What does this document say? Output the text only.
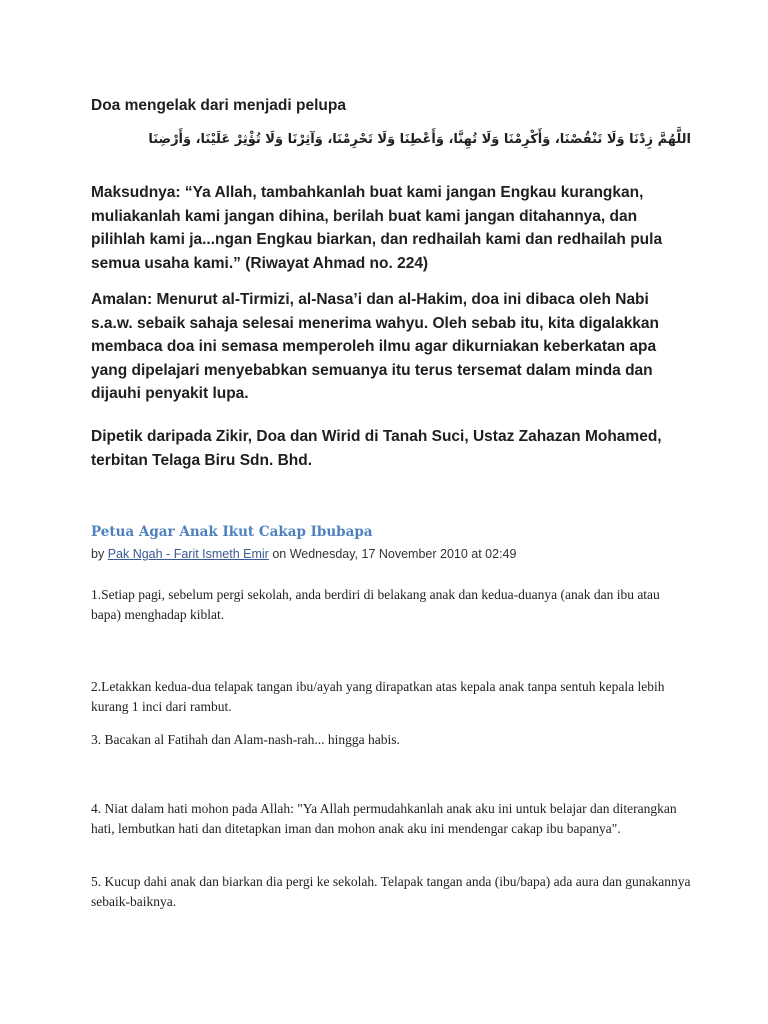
Doa mengelak dari menjadi pelupa
اللَّهُمَّ زِدْنَا وَلَا تَنْقُصْنَا، وَأَكْرِمْنَا وَلَا تُهِنَّا، وَأَعْطِنَا وَلَا تَحْرِمْنَا، وَآثِرْنَا وَلَا تُؤْثِرْ عَلَيْنَا، وَأَرْضِنَا

Maksudnya: “Ya Allah, tambahkanlah buat kami jangan Engkau kurangkan, muliakanlah kami jangan dihina, berilah buat kami jangan ditahannya, dan pilihlah kami ja...ngan Engkau biarkan, dan redhailah kami dan redhailah pula semua usaha kami.” (Riwayat Ahmad no. 224)

Amalan: Menurut al-Tirmizi, al-Nasa’i dan al-Hakim, doa ini dibaca oleh Nabi s.a.w. sebaik sahaja selesai menerima wahyu. Oleh sebab itu, kita digalakkan membaca doa ini semasa memperoleh ilmu agar dikurniakan keberkatan apa yang dipelajari menyebabkan semuanya itu terus tersemat dalam minda dan dijauhi penyakit lupa.

Dipetik daripada Zikir, Doa dan Wirid di Tanah Suci, Ustaz Zahazan Mohamed, terbitan Telaga Biru Sdn. Bhd.

Petua Agar Anak Ikut Cakap Ibubapa
by Pak Ngah - Farit Ismeth Emir on Wednesday, 17 November 2010 at 02:49

1.Setiap pagi, sebelum pergi sekolah, anda berdiri di belakang anak dan kedua-duanya (anak dan ibu atau bapa) menghadap kiblat.

2.Letakkan kedua-dua telapak tangan ibu/ayah yang dirapatkan atas kepala anak tanpa sentuh kepala lebih kurang 1 inci dari rambut.

3. Bacakan al Fatihah dan Alam-nash-rah... hingga habis.

4. Niat dalam hati mohon pada Allah: "Ya Allah permudahkanlah anak aku ini untuk belajar dan diterangkan hati, lembutkan hati dan ditetapkan iman dan mohon anak aku ini mendengar cakap ibu bapanya".

5. Kucup dahi anak dan biarkan dia pergi ke sekolah. Telapak tangan anda (ibu/bapa) ada aura dan gunakannya sebaik-baiknya.
